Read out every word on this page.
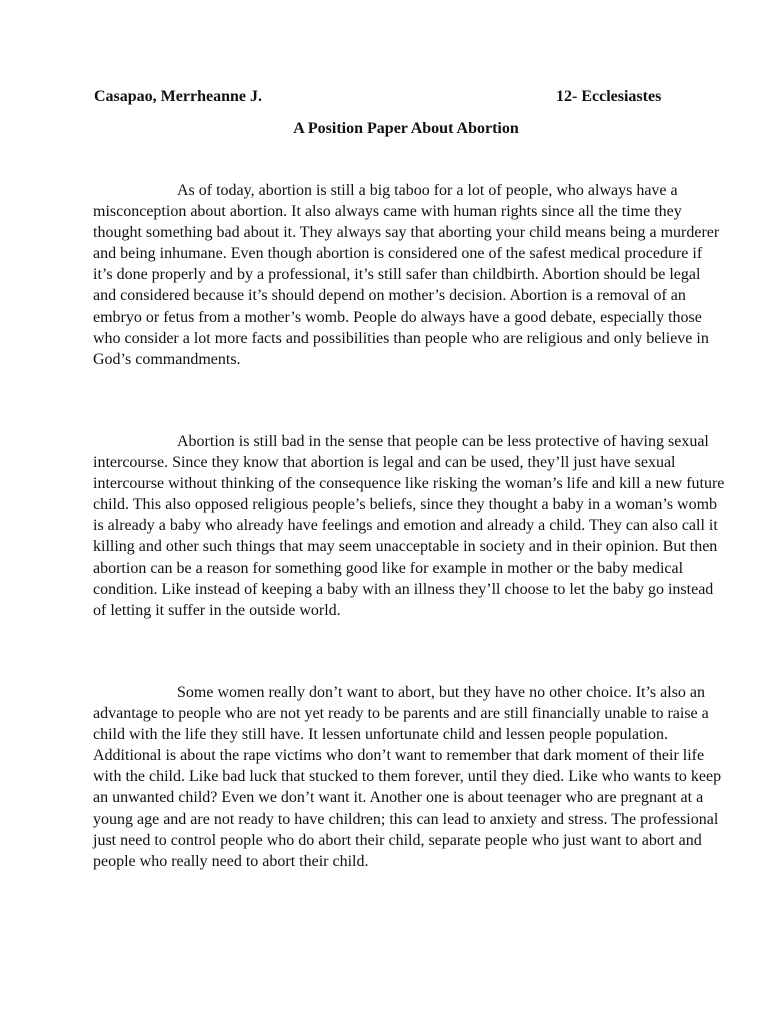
Casapao, Merrheanne J.	12- Ecclesiastes
A Position Paper About Abortion

As of today, abortion is still a big taboo for a lot of people, who always have a misconception about abortion. It also always came with human rights since all the time they thought something bad about it. They always say that aborting your child means being a murderer and being inhumane. Even though abortion is considered one of the safest medical procedure if it’s done properly and by a professional, it’s still safer than childbirth. Abortion should be legal and considered because it’s should depend on mother’s decision. Abortion is a removal of an embryo or fetus from a mother’s womb. People do always have a good debate, especially those who consider a lot more facts and possibilities than people who are religious and only believe in God’s commandments.

Abortion is still bad in the sense that people can be less protective of having sexual intercourse. Since they know that abortion is legal and can be used, they’ll just have sexual intercourse without thinking of the consequence like risking the woman’s life and kill a new future child. This also opposed religious people’s beliefs, since they thought a baby in a woman’s womb is already a baby who already have feelings and emotion and already a child. They can also call it killing and other such things that may seem unacceptable in society and in their opinion. But then abortion can be a reason for something good like for example in mother or the baby medical condition. Like instead of keeping a baby with an illness they’ll choose to let the baby go instead of letting it suffer in the outside world.

Some women really don’t want to abort, but they have no other choice. It’s also an advantage to people who are not yet ready to be parents and are still financially unable to raise a child with the life they still have. It lessen unfortunate child and lessen people population. Additional is about the rape victims who don’t want to remember that dark moment of their life with the child. Like bad luck that stucked to them forever, until they died. Like who wants to keep an unwanted child? Even we don’t want it. Another one is about teenager who are pregnant at a young age and are not ready to have children; this can lead to anxiety and stress. The professional just need to control people who do abort their child, separate people who just want to abort and people who really need to abort their child.
